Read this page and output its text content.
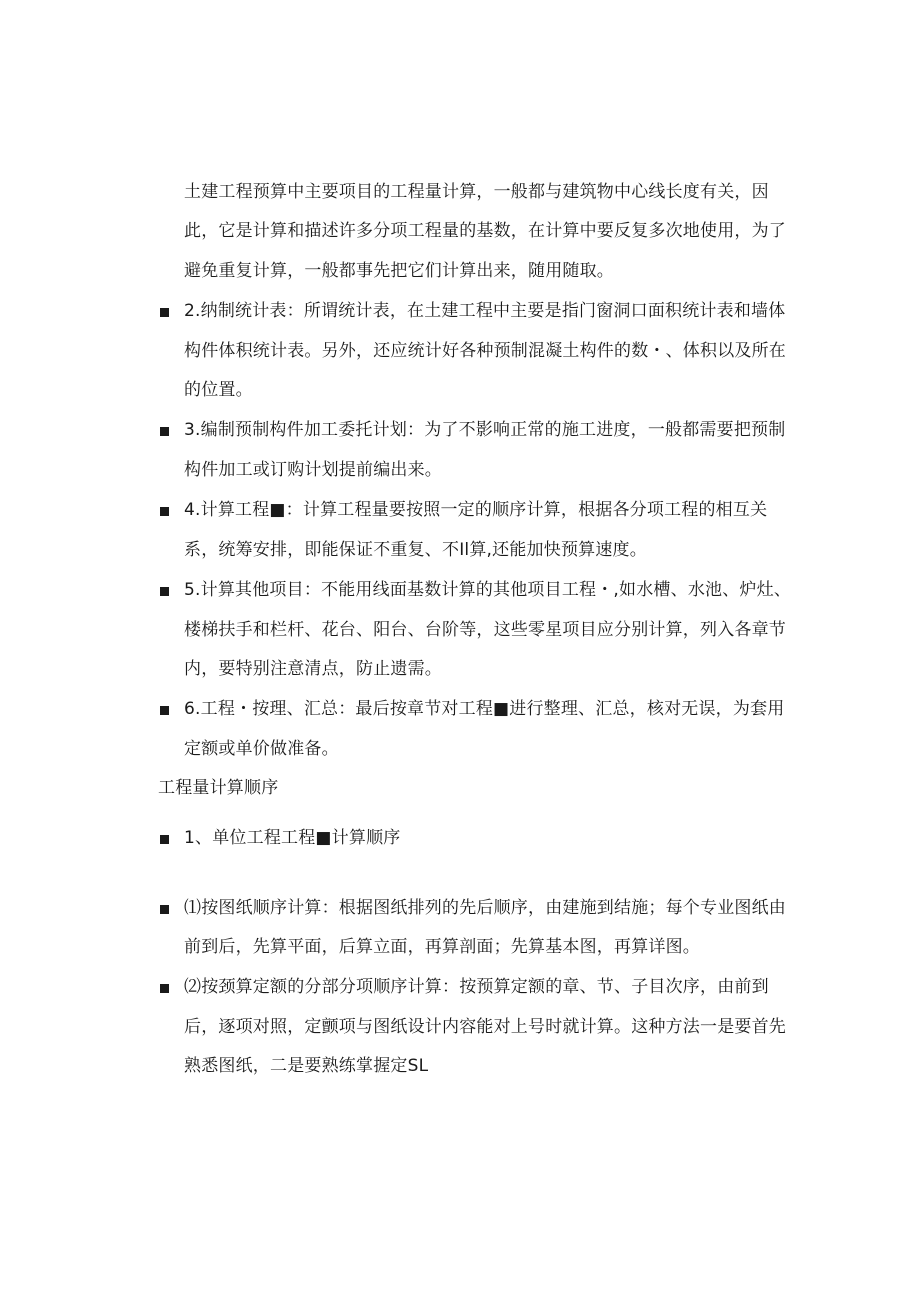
土建工程预算中主要项目的工程量计算，一般都与建筑物中心线长度有关，因
此，它是计算和描述许多分项工程量的基数，在计算中要反复多次地使用，为了
避免重复计算，一般都事先把它们计算出来，随用随取。
2.纳制统计表：所谓统计表，在土建工程中主要是指门窗洞口面积统计表和墙体
构件体积统计表。另外，还应统计好各种预制混凝土构件的数・、体积以及所在
的位置。
3.编制预制构件加工委托计划：为了不影响正常的施工进度，一般都需要把预制
构件加工或订购计划提前编出来。
4.计算工程■：计算工程量要按照一定的顺序计算，根据各分项工程的相互关
系，统筹安排，即能保证不重复、不Il算,还能加快预算速度。
5.计算其他项目：不能用线面基数计算的其他项目工程・,如水槽、水池、炉灶、
楼梯扶手和栏杆、花台、阳台、台阶等，这些零星项目应分别计算，列入各章节
内，要特别注意清点，防止遗需。
6.工程・按理、汇总：最后按章节对工程■进行整理、汇总，核对无误，为套用
定额或单价做准备。
工程量计算顺序
1、单位工程工程■计算顺序
⑴按图纸顺序计算：根据图纸排列的先后顺序，由建施到结施；每个专业图纸由
前到后，先算平面，后算立面，再算剖面；先算基本图，再算详图。
⑵按颈算定额的分部分项顺序计算：按预算定额的章、节、子目次序，由前到
后，逐项对照，定颤项与图纸设计内容能对上号时就计算。这种方法一是要首先
熟悉图纸，二是要熟练掌握定SL
